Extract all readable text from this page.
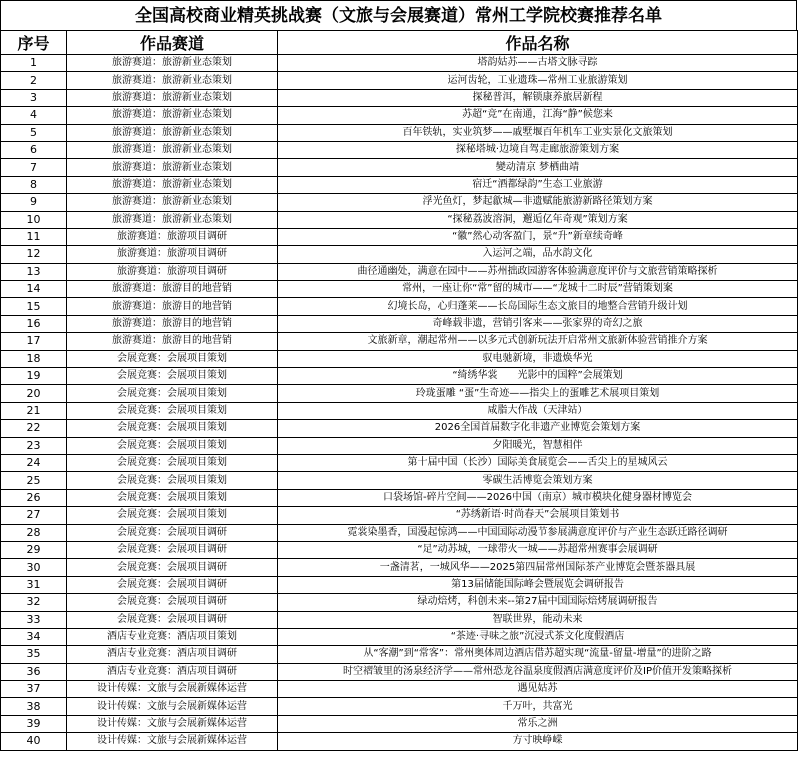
全国高校商业精英挑战赛（文旅与会展赛道）常州工学院校赛推荐名单
序号	作品赛道	作品名称
1	旅游赛道：旅游新业态策划	塔韵姑苏——古塔文脉寻踪
2	旅游赛道：旅游新业态策划	运河齿轮，工业遗珠—常州工业旅游策划
3	旅游赛道：旅游新业态策划	探秘普洱，解锁康养旅居新程
4	旅游赛道：旅游新业态策划	苏超“竞”在南通，江海“静”候您来
5	旅游赛道：旅游新业态策划	百年铁轨，实业筑梦——戚墅堰百年机车工业实景化文旅策划
6	旅游赛道：旅游新业态策划	探秘塔城·边境自驾走廊旅游策划方案
7	旅游赛道：旅游新业态策划	變动清京 梦栖曲靖
8	旅游赛道：旅游新业态策划	宿迁“酒都绿韵”生态工业旅游
9	旅游赛道：旅游新业态策划	浮光鱼灯，梦起歙城—非遗赋能旅游新路径策划方案
10	旅游赛道：旅游新业态策划	“探秘荔波溶洞，邂逅亿年奇观”策划方案
11	旅游赛道：旅游项目调研	“徽”然心动客盈门，景“升”新章续奇峰
12	旅游赛道：旅游项目调研	入运河之端，品水韵文化
13	旅游赛道：旅游项目调研	曲径通幽处，满意在园中——苏州拙政园游客体验满意度评价与文旅营销策略探析
14	旅游赛道：旅游目的地营销	常州，一座让你“常”留的城市——“龙城十二时辰”营销策划案
15	旅游赛道：旅游目的地营销	幻境长岛，心归蓬莱——长岛国际生态文旅目的地整合营销升级计划
16	旅游赛道：旅游目的地营销	奇峰载非遗，营销引客来——张家界的奇幻之旅
17	旅游赛道：旅游目的地营销	文旅新章，潮起常州——以多元式创新玩法开启常州文旅新体验营销推介方案
18	会展竞赛：会展项目策划	驭电驰新境，非遗焕华光
19	会展竞赛：会展项目策划	“绮绣华裳　　光影中的国粹”会展策划
20	会展竞赛：会展项目策划	玲珑蛋雕 “蛋”生奇迹——指尖上的蛋雕艺术展项目策划
21	会展竞赛：会展项目策划	咸脂大作战（天津站）
22	会展竞赛：会展项目策划	2026全国首届数字化非遗产业博览会策划方案
23	会展竞赛：会展项目策划	夕阳暖光，智慧相伴
24	会展竞赛：会展项目策划	第十届中国（长沙）国际美食展览会——舌尖上的星城风云
25	会展竞赛：会展项目策划	零碳生活博览会策划方案
26	会展竞赛：会展项目策划	口袋场馆-碎片空间——2026中国（南京）城市模块化健身器材博览会
27	会展竞赛：会展项目策划	“苏绣新语·时尚春天”会展项目策划书
28	会展竞赛：会展项目调研	霓裳染墨香，国漫起惊鸿——中国国际动漫节参展满意度评价与产业生态跃迁路径调研
29	会展竞赛：会展项目调研	“足”动苏城，一球带火一城——苏超常州赛事会展调研
30	会展竞赛：会展项目调研	一盏清茗，一城风华——2025第四届常州国际茶产业博览会暨茶器具展
31	会展竞赛：会展项目调研	第13届储能国际峰会暨展览会调研报告
32	会展竞赛：会展项目调研	绿动焙烤，科创未来--第27届中国国际焙烤展调研报告
33	会展竞赛：会展项目调研	智联世界，能动未来
34	酒店专业竞赛：酒店项目策划	“茶迹·寻味之旅”沉浸式茶文化度假酒店
35	酒店专业竞赛：酒店项目调研	从“客潮”到“常客”：常州奥体周边酒店借苏超实现“流量-留量-增量”的进阶之路
36	酒店专业竞赛：酒店项目调研	时空褶皱里的汤泉经济学——常州恐龙谷温泉度假酒店满意度评价及IP价值开发策略探析
37	设计传媒：文旅与会展新媒体运营	遇见姑苏
38	设计传媒：文旅与会展新媒体运营	千万叶，共富光
39	设计传媒：文旅与会展新媒体运营	常乐之洲
40	设计传媒：文旅与会展新媒体运营	方寸映峥嵘
